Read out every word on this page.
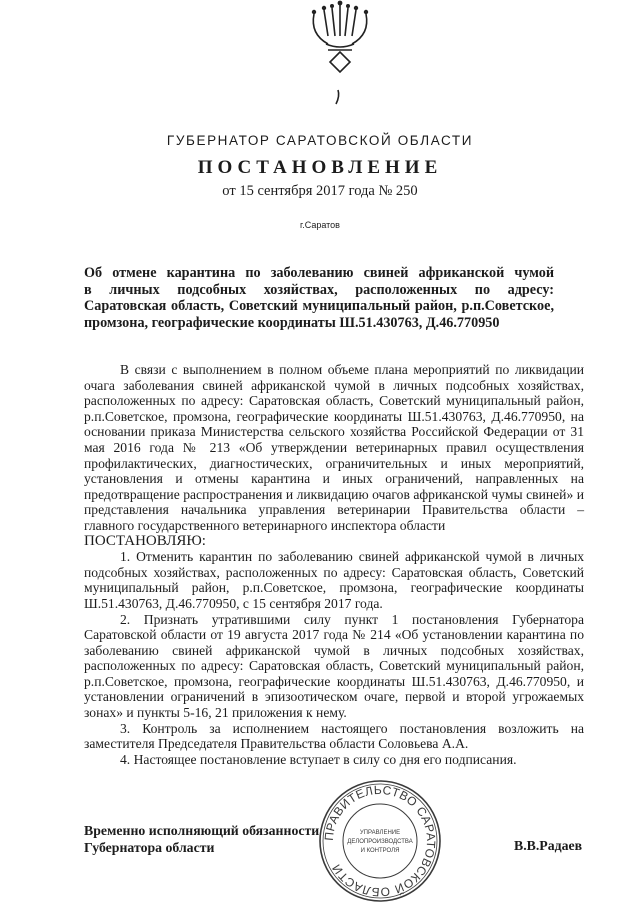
ГУБЕРНАТОР САРАТОВСКОЙ ОБЛАСТИ
ПОСТАНОВЛЕНИЕ
от 15 сентября 2017 года № 250
г.Саратов
Об отмене карантина по заболеванию свиней африканской чумой
в личных подсобных хозяйствах, расположенных по адресу:
Саратовская область, Советский муниципальный район, р.п.Советское,
промзона, географические координаты Ш.51.430763, Д.46.770950

В связи с выполнением в полном объеме плана мероприятий по ликвидации очага заболевания свиней африканской чумой в личных подсобных хозяйствах, расположенных по адресу: Саратовская область, Советский муниципальный район, р.п.Советское, промзона, географические координаты Ш.51.430763, Д.46.770950, на основании приказа Министерства сельского хозяйства Российской Федерации от 31 мая 2016 года № 213 «Об утверждении ветеринарных правил осуществления профилактических, диагностических, ограничительных и иных мероприятий, установления и отмены карантина и иных ограничений, направленных на предотвращение распространения и ликвидацию очагов африканской чумы свиней» и представления начальника управления ветеринарии Правительства области – главного государственного ветеринарного инспектора области

ПОСТАНОВЛЯЮ:

1. Отменить карантин по заболеванию свиней африканской чумой в личных подсобных хозяйствах, расположенных по адресу: Саратовская область, Советский муниципальный район, р.п.Советское, промзона, географические координаты Ш.51.430763, Д.46.770950, с 15 сентября 2017 года.

2. Признать утратившими силу пункт 1 постановления Губернатора Саратовской области от 19 августа 2017 года № 214 «Об установлении карантина по заболеванию свиней африканской чумой в личных подсобных хозяйствах, расположенных по адресу: Саратовская область, Советский муниципальный район, р.п.Советское, промзона, географические координаты Ш.51.430763, Д.46.770950, и установлении ограничений в эпизоотическом очаге, первой и второй угрожаемых зонах» и пункты 5-16, 21 приложения к нему.

3. Контроль за исполнением настоящего постановления возложить на заместителя Председателя Правительства области Соловьева А.А.

4. Настоящее постановление вступает в силу со дня его подписания.

Временно исполняющий обязанности
Губернатора области	В.В.Радаев
ПРАВИТЕЛЬСТВО САРАТОВСКОЙ ОБЛАСТИ
УПРАВЛЕНИЕ
ДЕЛОПРОИЗВОДСТВА
И КОНТРОЛЯ
